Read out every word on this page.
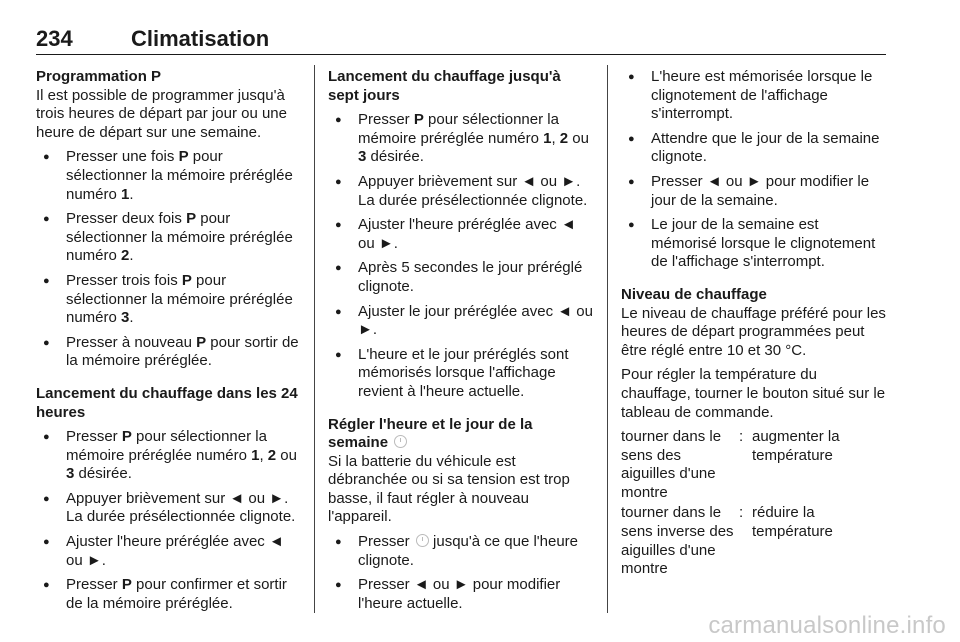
234	Climatisation
Programmation P

Il est possible de programmer jusqu'à trois heures de départ par jour ou une heure de départ sur une semaine.

● Presser une fois P pour sélectionner la mémoire préréglée numéro 1.
● Presser deux fois P pour sélectionner la mémoire préréglée numéro 2.
● Presser trois fois P pour sélectionner la mémoire préréglée numéro 3.
● Presser à nouveau P pour sortir de la mémoire préréglée.
Lancement du chauffage dans les 24 heures
● Presser P pour sélectionner la mémoire préréglée numéro 1, 2 ou 3 désirée.
● Appuyer brièvement sur ◄ ou ►. La durée présélectionnée clignote.
● Ajuster l'heure préréglée avec ◄ ou ►.
● Presser P pour confirmer et sortir de la mémoire préréglée.
Lancement du chauffage jusqu'à sept jours
● Presser P pour sélectionner la mémoire préréglée numéro 1, 2 ou 3 désirée.
● Appuyer brièvement sur ◄ ou ►. La durée présélectionnée clignote.
● Ajuster l'heure préréglée avec ◄ ou ►.
● Après 5 secondes le jour préréglé clignote.
● Ajuster le jour préréglée avec ◄ ou ►.
● L'heure et le jour préréglés sont mémorisés lorsque l'affichage revient à l'heure actuelle.
Régler l'heure et le jour de la semaine

Si la batterie du véhicule est débranchée ou si sa tension est trop basse, il faut régler à nouveau l'appareil.

● Presser  jusqu'à ce que l'heure clignote.
● Presser ◄ ou ► pour modifier l'heure actuelle.
● L'heure est mémorisée lorsque le clignotement de l'affichage s'interrompt.
● Attendre que le jour de la semaine clignote.
● Presser ◄ ou ► pour modifier le jour de la semaine.
● Le jour de la semaine est mémorisé lorsque le clignotement de l'affichage s'interrompt.
Niveau de chauffage

Le niveau de chauffage préféré pour les heures de départ programmées peut être réglé entre 10 et 30 °C.

Pour régler la température du chauffage, tourner le bouton situé sur le tableau de commande.

tourner dans le sens des aiguilles d'une montre
: augmenter la température
tourner dans le sens inverse des aiguilles d'une montre
: réduire la température
carmanualsonline.info
